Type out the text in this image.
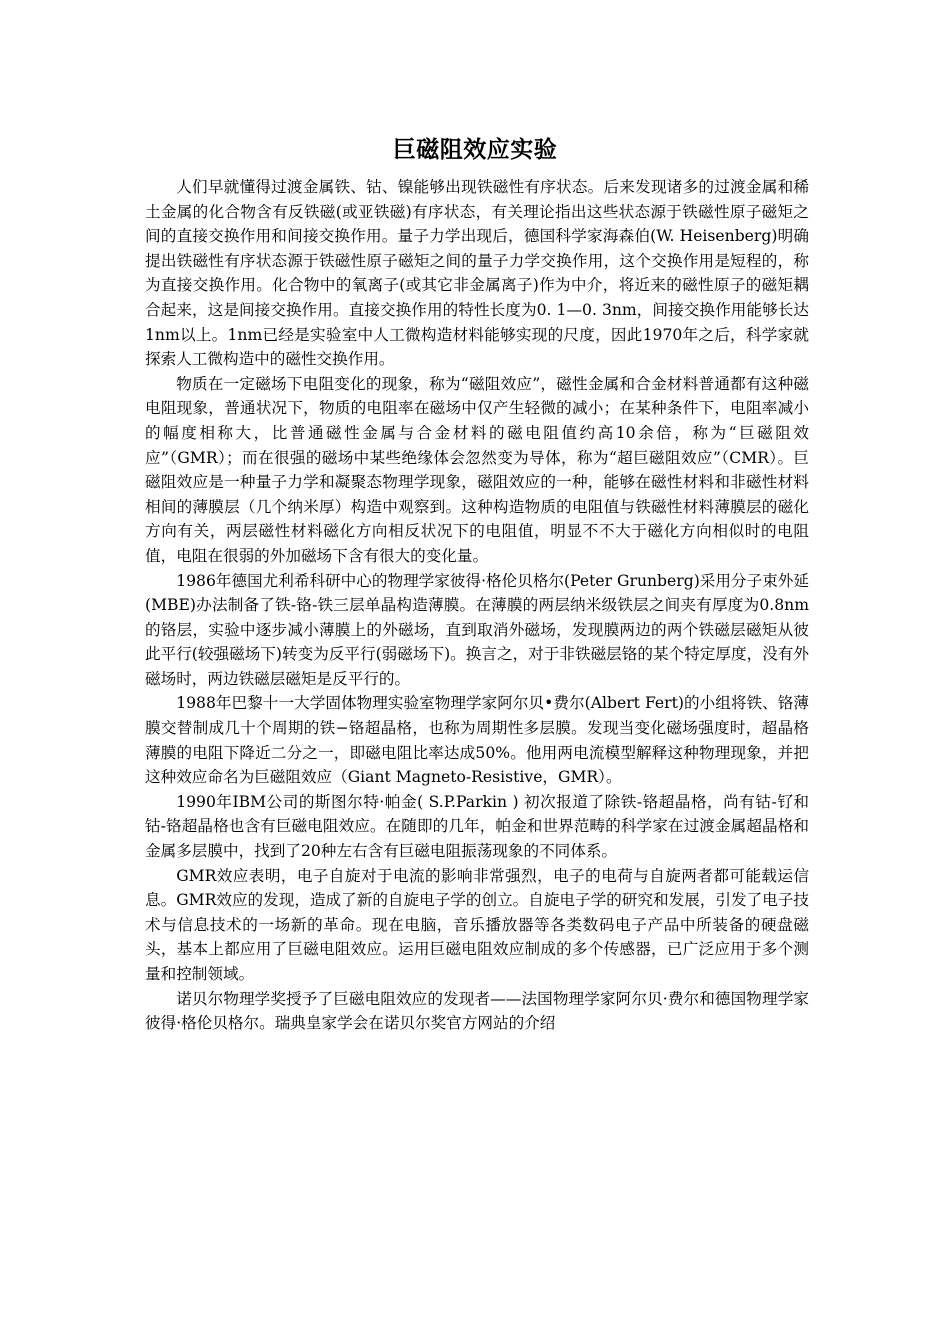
巨磁阻效应实验

人们早就懂得过渡金属铁、钴、镍能够出现铁磁性有序状态。后来发现诸多的过渡金属和稀土金属的化合物含有反铁磁(或亚铁磁)有序状态，有关理论指出这些状态源于铁磁性原子磁矩之间的直接交换作用和间接交换作用。量子力学出现后，德国科学家海森伯(W. Heisenberg)明确提出铁磁性有序状态源于铁磁性原子磁矩之间的量子力学交换作用，这个交换作用是短程的，称为直接交换作用。化合物中的氧离子(或其它非金属离子)作为中介，将近来的磁性原子的磁矩耦合起来，这是间接交换作用。直接交换作用的特性长度为0. 1—0. 3nm，间接交换作用能够长达1nm以上。1nm已经是实验室中人工微构造材料能够实现的尺度，因此1970年之后，科学家就探索人工微构造中的磁性交换作用。

物质在一定磁场下电阻变化的现象，称为“磁阻效应”，磁性金属和合金材料普通都有这种磁电阻现象，普通状况下，物质的电阻率在磁场中仅产生轻微的减小；在某种条件下，电阻率减小的幅度相称大，比普通磁性金属与合金材料的磁电阻值约高10余倍，称为“巨磁阻效应”（GMR）；而在很强的磁场中某些绝缘体会忽然变为导体，称为“超巨磁阻效应”（CMR）。巨磁阻效应是一种量子力学和凝聚态物理学现象，磁阻效应的一种，能够在磁性材料和非磁性材料相间的薄膜层（几个纳米厚）构造中观察到。这种构造物质的电阻值与铁磁性材料薄膜层的磁化方向有关，两层磁性材料磁化方向相反状况下的电阻值，明显不不大于磁化方向相似时的电阻值，电阻在很弱的外加磁场下含有很大的变化量。

1986年德国尤利希科研中心的物理学家彼得·格伦贝格尔(Peter Grunberg)采用分子束外延(MBE)办法制备了铁-铬-铁三层单晶构造薄膜。在薄膜的两层纳米级铁层之间夹有厚度为0.8nm的铬层，实验中逐步减小薄膜上的外磁场，直到取消外磁场，发现膜两边的两个铁磁层磁矩从彼此平行(较强磁场下)转变为反平行(弱磁场下)。换言之，对于非铁磁层铬的某个特定厚度，没有外磁场时，两边铁磁层磁矩是反平行的。

1988年巴黎十一大学固体物理实验室物理学家阿尔贝•费尔(Albert Fert)的小组将铁、铬薄膜交替制成几十个周期的铁−铬超晶格，也称为周期性多层膜。发现当变化磁场强度时，超晶格薄膜的电阻下降近二分之一，即磁电阻比率达成50%。他用两电流模型解释这种物理现象，并把这种效应命名为巨磁阻效应（Giant Magneto-Resistive，GMR）。

1990年IBM公司的斯图尔特·帕金( S.P.Parkin ) 初次报道了除铁-铬超晶格，尚有钴-钌和钴-铬超晶格也含有巨磁电阻效应。在随即的几年，帕金和世界范畴的科学家在过渡金属超晶格和金属多层膜中，找到了20种左右含有巨磁电阻振荡现象的不同体系。

GMR效应表明，电子自旋对于电流的影响非常强烈，电子的电荷与自旋两者都可能载运信息。GMR效应的发现，造成了新的自旋电子学的创立。自旋电子学的研究和发展，引发了电子技术与信息技术的一场新的革命。现在电脑，音乐播放器等各类数码电子产品中所装备的硬盘磁头，基本上都应用了巨磁电阻效应。运用巨磁电阻效应制成的多个传感器，已广泛应用于多个测量和控制领域。

诺贝尔物理学奖授予了巨磁电阻效应的发现者——法国物理学家阿尔贝·费尔和德国物理学家彼得·格伦贝格尔。瑞典皇家学会在诺贝尔奖官方网站的介绍
